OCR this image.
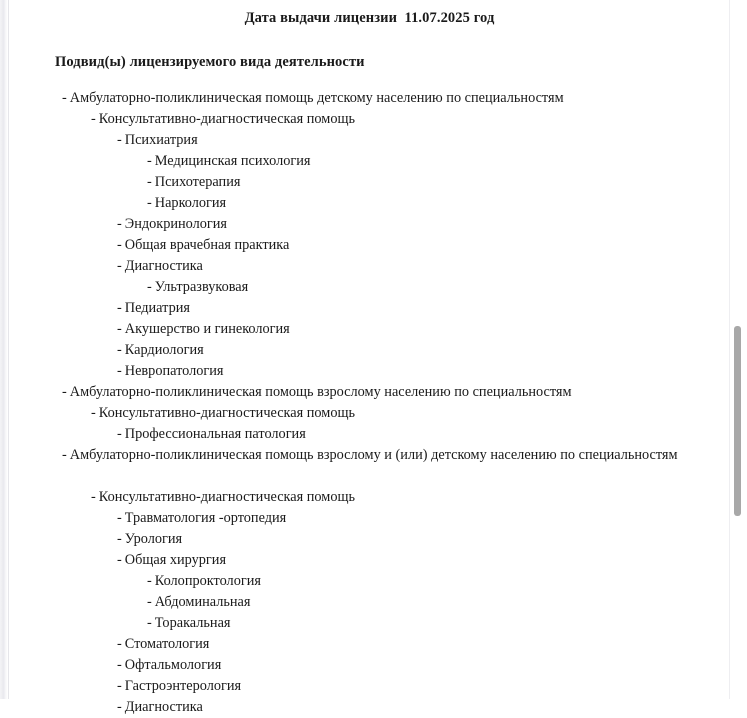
Дата выдачи лицензии  11.07.2025 год
Подвид(ы) лицензируемого вида деятельности
- Амбулаторно-поликлиническая помощь детскому населению по специальностям
- Консультативно-диагностическая помощь
- Психиатрия
- Медицинская психология
- Психотерапия
- Наркология
- Эндокринология
- Общая врачебная практика
- Диагностика
- Ультразвуковая
- Педиатрия
- Акушерство и гинекология
- Кардиология
- Невропатология
- Амбулаторно-поликлиническая помощь взрослому населению по специальностям
- Консультативно-диагностическая помощь
- Профессиональная патология
- Амбулаторно-поликлиническая помощь взрослому и (или) детскому населению по специальностям
- Консультативно-диагностическая помощь
- Травматология -ортопедия
- Урология
- Общая хирургия
- Колопроктология
- Абдоминальная
- Торакальная
- Стоматология
- Офтальмология
- Гастроэнтерология
- Диагностика
